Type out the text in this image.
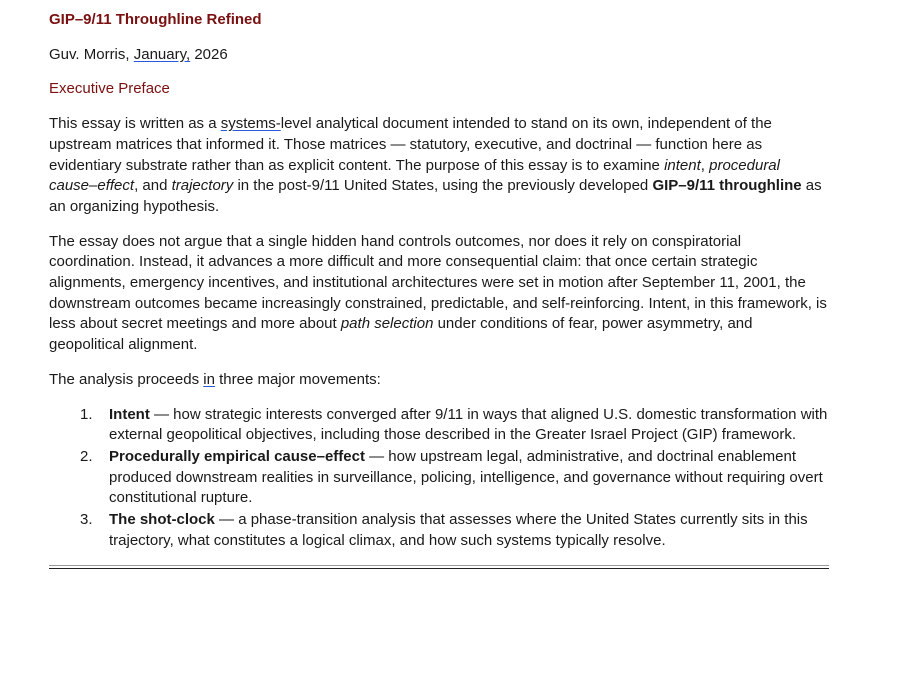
GIP–9/11 Throughline Refined
Guv. Morris, January, 2026
Executive Preface

This essay is written as a systems-level analytical document intended to stand on its own, independent of the upstream matrices that informed it. Those matrices — statutory, executive, and doctrinal — function here as evidentiary substrate rather than as explicit content. The purpose of this essay is to examine intent, procedural cause–effect, and trajectory in the post-9/11 United States, using the previously developed GIP–9/11 throughline as an organizing hypothesis.

The essay does not argue that a single hidden hand controls outcomes, nor does it rely on conspiratorial coordination. Instead, it advances a more difficult and more consequential claim: that once certain strategic alignments, emergency incentives, and institutional architectures were set in motion after September 11, 2001, the downstream outcomes became increasingly constrained, predictable, and self-reinforcing. Intent, in this framework, is less about secret meetings and more about path selection under conditions of fear, power asymmetry, and geopolitical alignment.

The analysis proceeds in three major movements:

1. Intent — how strategic interests converged after 9/11 in ways that aligned U.S. domestic transformation with external geopolitical objectives, including those described in the Greater Israel Project (GIP) framework.
2. Procedurally empirical cause–effect — how upstream legal, administrative, and doctrinal enablement produced downstream realities in surveillance, policing, intelligence, and governance without requiring overt constitutional rupture.
3. The shot-clock — a phase-transition analysis that assesses where the United States currently sits in this trajectory, what constitutes a logical climax, and how such systems typically resolve.
